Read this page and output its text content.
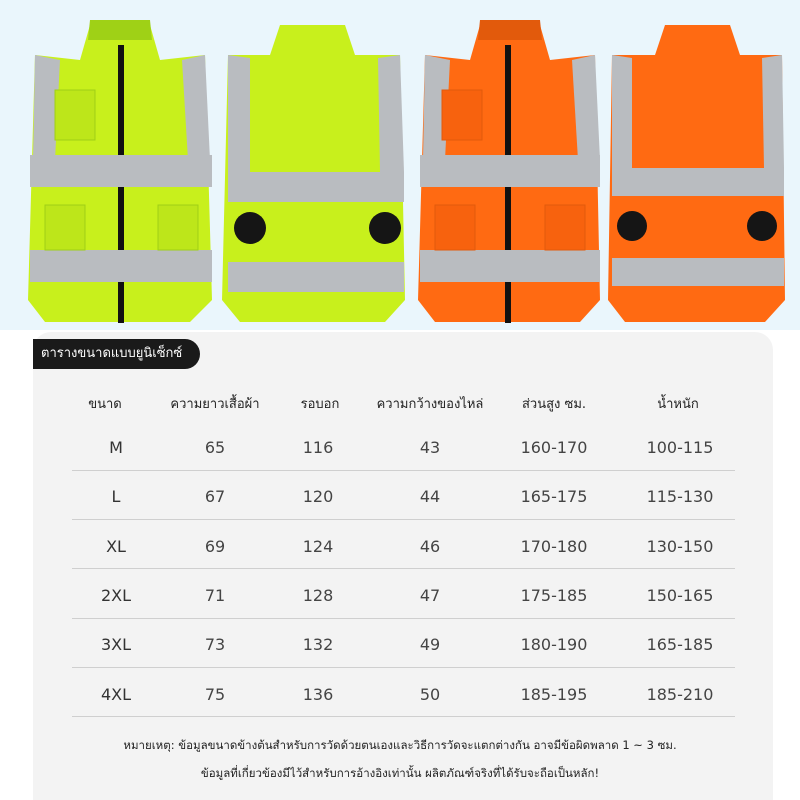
ตารางขนาดแบบยูนิเซ็กซ์
ขนาด	ความยาวเสื้อผ้า	รอบอก	ความกว้างของไหล่	ส่วนสูง ซม.	น้ำหนัก
M	65	116	43	160-170	100-115
L	67	120	44	165-175	115-130
XL	69	124	46	170-180	130-150
2XL	71	128	47	175-185	150-165
3XL	73	132	49	180-190	165-185
4XL	75	136	50	185-195	185-210
หมายเหตุ: ข้อมูลขนาดข้างต้นสำหรับการวัดด้วยตนเองและวิธีการวัดจะแตกต่างกัน อาจมีข้อผิดพลาด 1 ~ 3 ซม.
ข้อมูลที่เกี่ยวข้องมีไว้สำหรับการอ้างอิงเท่านั้น ผลิตภัณฑ์จริงที่ได้รับจะถือเป็นหลัก!
